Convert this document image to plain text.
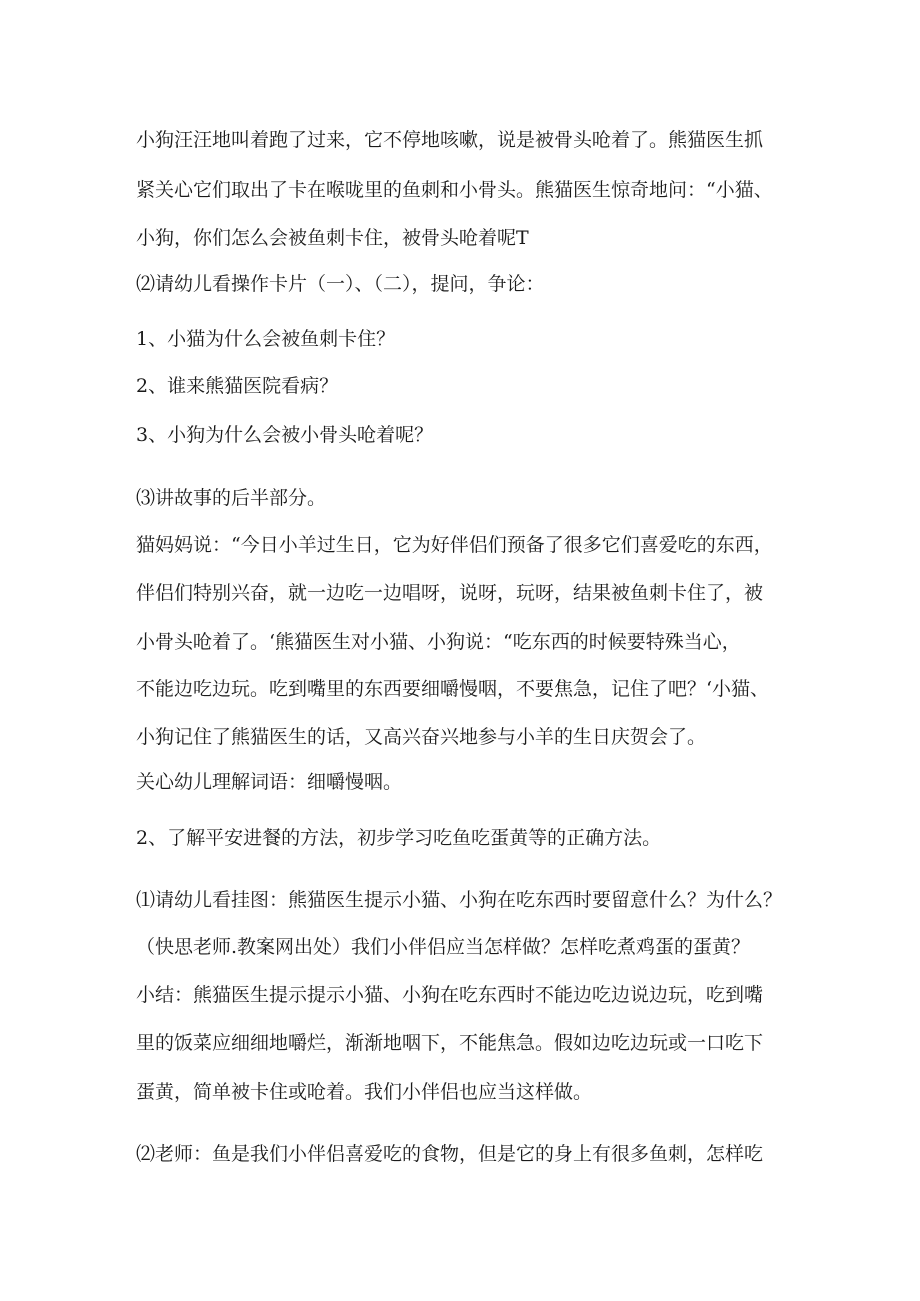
小狗汪汪地叫着跑了过来，它不停地咳嗽，说是被骨头呛着了。熊猫医生抓
紧关心它们取出了卡在喉咙里的鱼刺和小骨头。熊猫医生惊奇地问：“小猫、
小狗，你们怎么会被鱼刺卡住，被骨头呛着呢T
⑵请幼儿看操作卡片（一）、（二），提问，争论：
1、小猫为什么会被鱼刺卡住？
2、谁来熊猫医院看病？
3、小狗为什么会被小骨头呛着呢？
⑶讲故事的后半部分。
猫妈妈说：“今日小羊过生日，它为好伴侣们预备了很多它们喜爱吃的东西，
伴侣们特别兴奋，就一边吃一边唱呀，说呀，玩呀，结果被鱼刺卡住了，被
小骨头呛着了。‘熊猫医生对小猫、小狗说：“吃东西的时候要特殊当心，
不能边吃边玩。吃到嘴里的东西要细嚼慢咽，不要焦急，记住了吧？‘小猫、
小狗记住了熊猫医生的话，又高兴奋兴地参与小羊的生日庆贺会了。
关心幼儿理解词语：细嚼慢咽。
2、了解平安进餐的方法，初步学习吃鱼吃蛋黄等的正确方法。
⑴请幼儿看挂图：熊猫医生提示小猫、小狗在吃东西时要留意什么？为什么？
（快思老师.教案网出处）我们小伴侣应当怎样做？怎样吃煮鸡蛋的蛋黄？
小结：熊猫医生提示提示小猫、小狗在吃东西时不能边吃边说边玩，吃到嘴
里的饭菜应细细地嚼烂，渐渐地咽下，不能焦急。假如边吃边玩或一口吃下
蛋黄，简单被卡住或呛着。我们小伴侣也应当这样做。
⑵老师：鱼是我们小伴侣喜爱吃的食物，但是它的身上有很多鱼刺，怎样吃
